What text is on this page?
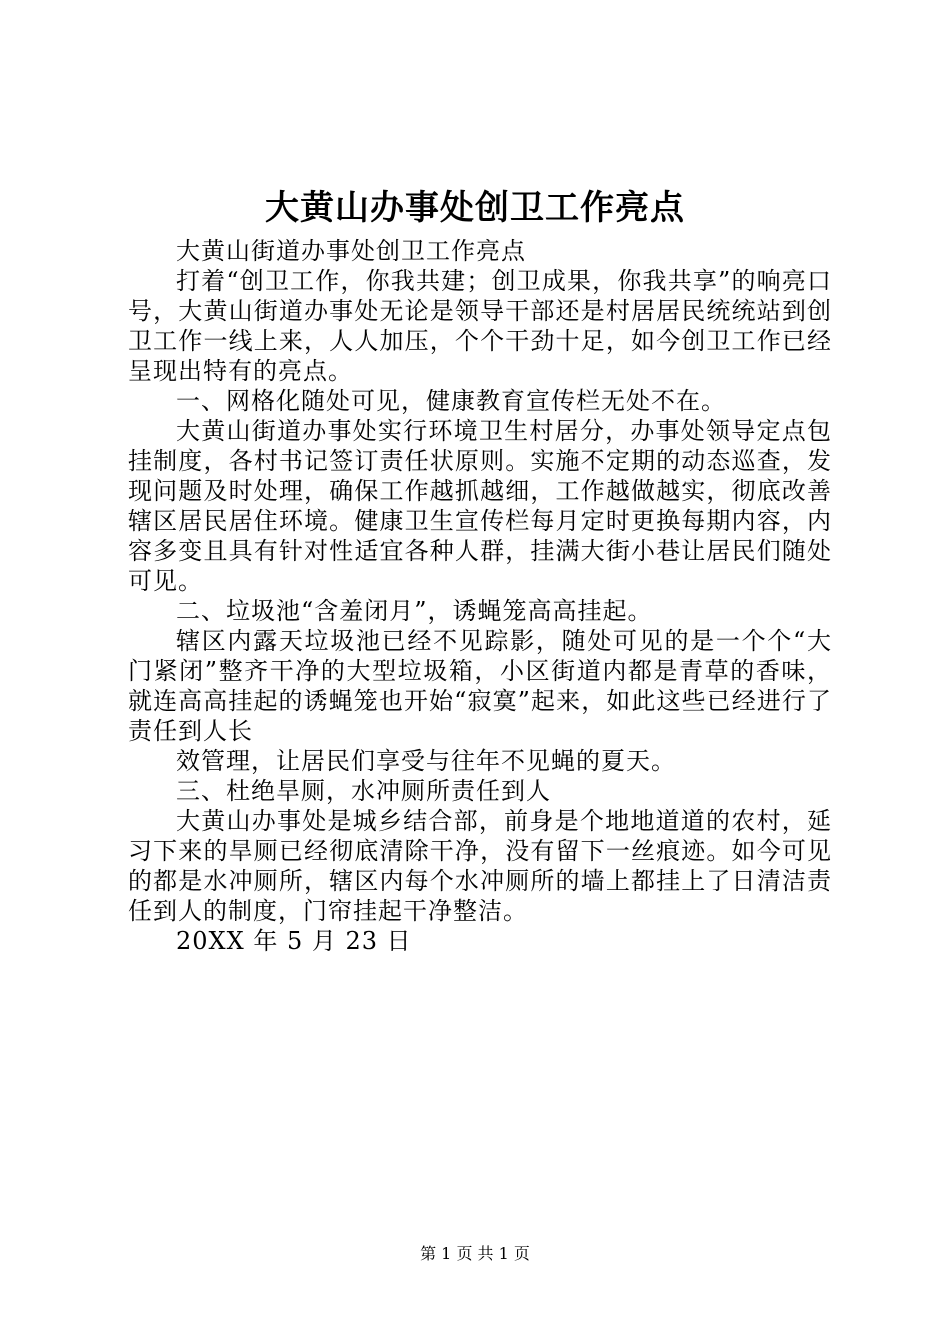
大黄山办事处创卫工作亮点

大黄山街道办事处创卫工作亮点

打着“创卫工作，你我共建；创卫成果，你我共享”的响亮口号，大黄山街道办事处无论是领导干部还是村居居民统统站到创卫工作一线上来，人人加压，个个干劲十足，如今创卫工作已经呈现出特有的亮点。

一、网格化随处可见，健康教育宣传栏无处不在。

大黄山街道办事处实行环境卫生村居分，办事处领导定点包挂制度，各村书记签订责任状原则。实施不定期的动态巡查，发现问题及时处理，确保工作越抓越细，工作越做越实，彻底改善辖区居民居住环境。健康卫生宣传栏每月定时更换每期内容，内容多变且具有针对性适宜各种人群，挂满大街小巷让居民们随处可见。

二、垃圾池“含羞闭月”，诱蝇笼高高挂起。

辖区内露天垃圾池已经不见踪影，随处可见的是一个个“大门紧闭”整齐干净的大型垃圾箱，小区街道内都是青草的香味，就连高高挂起的诱蝇笼也开始“寂寞”起来，如此这些已经进行了责任到人长

效管理，让居民们享受与往年不见蝇的夏天。

三、杜绝旱厕，水冲厕所责任到人

大黄山办事处是城乡结合部，前身是个地地道道的农村，延习下来的旱厕已经彻底清除干净，没有留下一丝痕迹。如今可见的都是水冲厕所，辖区内每个水冲厕所的墙上都挂上了日清洁责任到人的制度，门帘挂起干净整洁。

20XX 年 5 月 23 日

第 1 页 共 1 页
